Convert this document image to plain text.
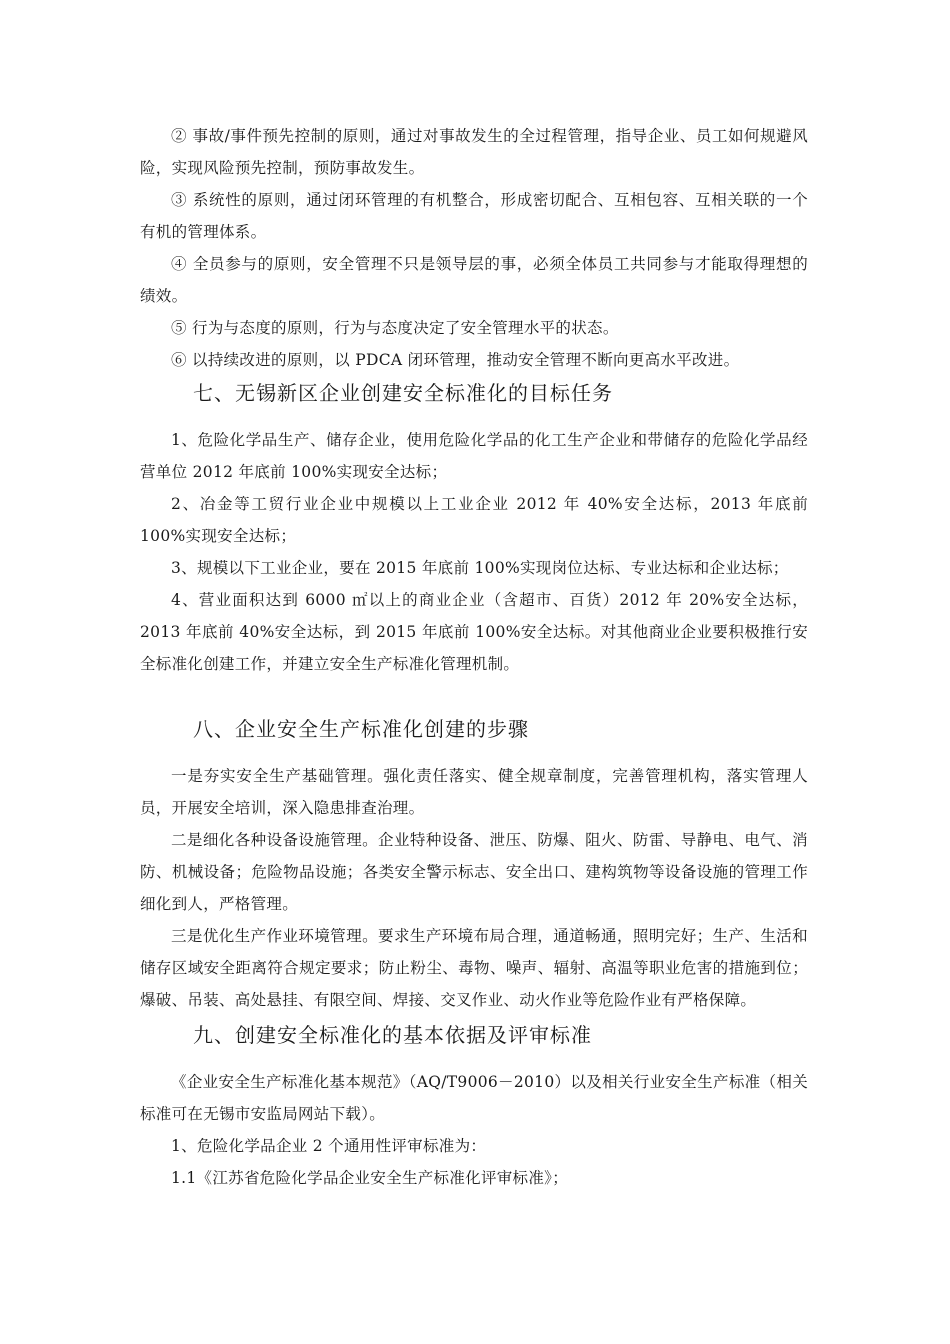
② 事故/事件预先控制的原则，通过对事故发生的全过程管理，指导企业、员工如何规避风险，实现风险预先控制，预防事故发生。

③ 系统性的原则，通过闭环管理的有机整合，形成密切配合、互相包容、互相关联的一个有机的管理体系。

④ 全员参与的原则，安全管理不只是领导层的事，必须全体员工共同参与才能取得理想的绩效。

⑤ 行为与态度的原则，行为与态度决定了安全管理水平的状态。

⑥ 以持续改进的原则，以 PDCA 闭环管理，推动安全管理不断向更高水平改进。

七、无锡新区企业创建安全标准化的目标任务

1、危险化学品生产、储存企业，使用危险化学品的化工生产企业和带储存的危险化学品经营单位 2012 年底前 100%实现安全达标；

2、冶金等工贸行业企业中规模以上工业企业 2012 年 40%安全达标，2013 年底前 100%实现安全达标；

3、规模以下工业企业，要在 2015 年底前 100%实现岗位达标、专业达标和企业达标；

4、营业面积达到 6000 ㎡以上的商业企业（含超市、百货）2012 年 20%安全达标，2013 年底前 40%安全达标，到 2015 年底前 100%安全达标。对其他商业企业要积极推行安全标准化创建工作，并建立安全生产标准化管理机制。

八、企业安全生产标准化创建的步骤

一是夯实安全生产基础管理。强化责任落实、健全规章制度，完善管理机构，落实管理人员，开展安全培训，深入隐患排查治理。

二是细化各种设备设施管理。企业特种设备、泄压、防爆、阻火、防雷、导静电、电气、消防、机械设备；危险物品设施；各类安全警示标志、安全出口、建构筑物等设备设施的管理工作细化到人，严格管理。

三是优化生产作业环境管理。要求生产环境布局合理，通道畅通，照明完好；生产、生活和储存区域安全距离符合规定要求；防止粉尘、毒物、噪声、辐射、高温等职业危害的措施到位；爆破、吊装、高处悬挂、有限空间、焊接、交叉作业、动火作业等危险作业有严格保障。

九、创建安全标准化的基本依据及评审标准

《企业安全生产标准化基本规范》（AQ/T9006－2010）以及相关行业安全生产标准（相关标准可在无锡市安监局网站下载）。

1、危险化学品企业 2 个通用性评审标准为：

1.1《江苏省危险化学品企业安全生产标准化评审标准》；
